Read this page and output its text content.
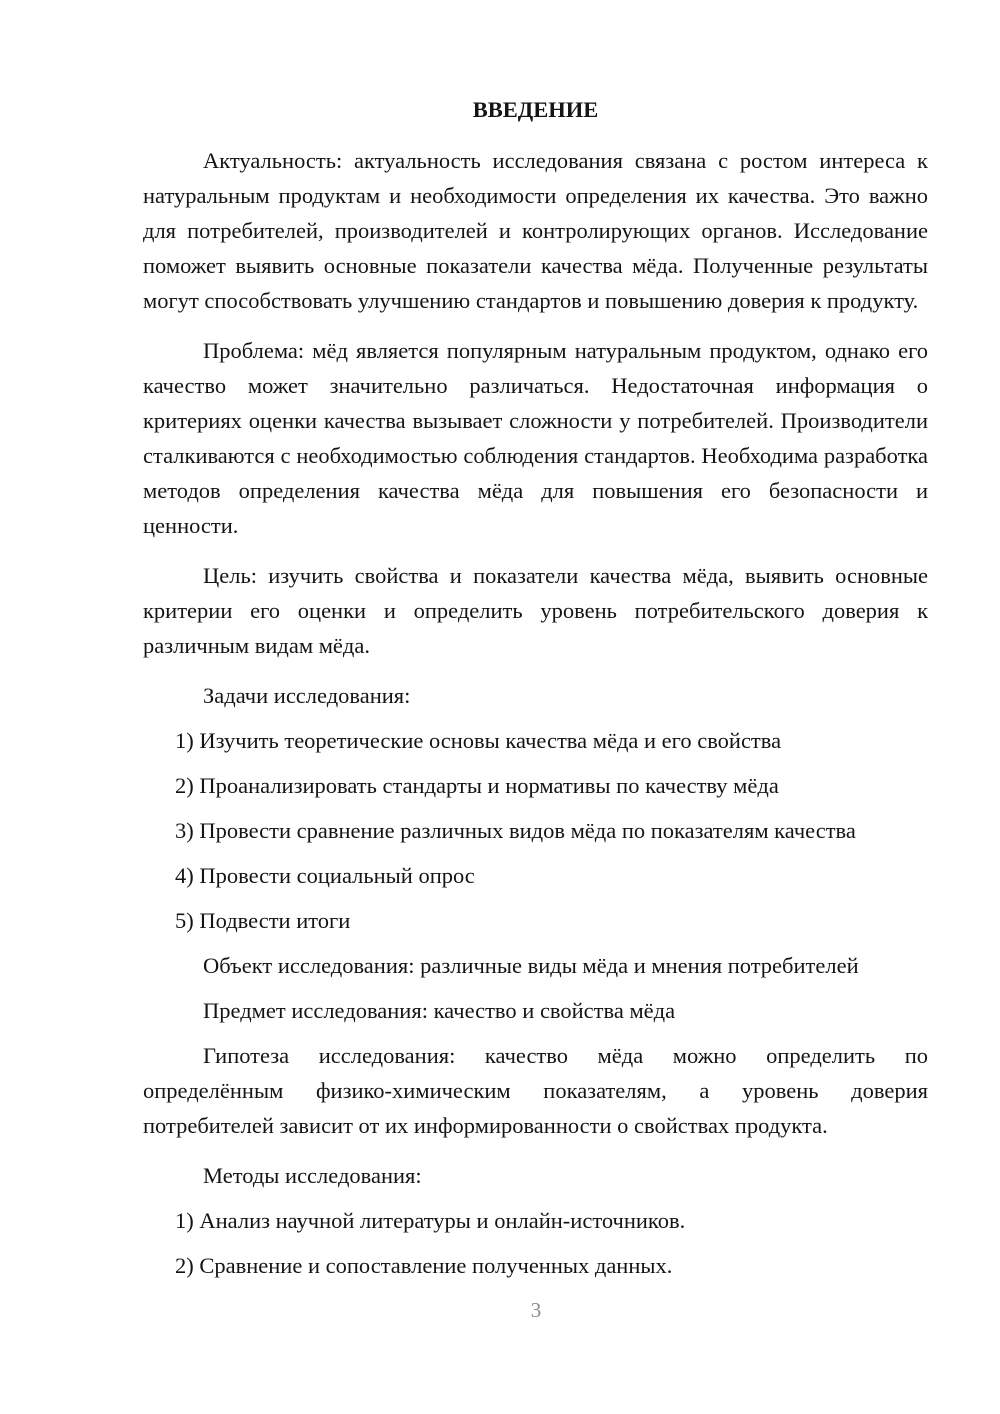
ВВЕДЕНИЕ

Актуальность: актуальность исследования связана с ростом интереса к натуральным продуктам и необходимости определения их качества. Это важно для потребителей, производителей и контролирующих органов. Исследование поможет выявить основные показатели качества мёда. Полученные результаты могут способствовать улучшению стандартов и повышению доверия к продукту.

Проблема: мёд является популярным натуральным продуктом, однако его качество может значительно различаться. Недостаточная информация о критериях оценки качества вызывает сложности у потребителей. Производители сталкиваются с необходимостью соблюдения стандартов. Необходима разработка методов определения качества мёда для повышения его безопасности и ценности.

Цель: изучить свойства и показатели качества мёда, выявить основные критерии его оценки и определить уровень потребительского доверия к различным видам мёда.

Задачи исследования:
1) Изучить теоретические основы качества мёда и его свойства
2) Проанализировать стандарты и нормативы по качеству мёда
3) Провести сравнение различных видов мёда по показателям качества
4) Провести социальный опрос
5) Подвести итоги
Объект исследования: различные виды мёда и мнения потребителей
Предмет исследования: качество и свойства мёда

Гипотеза исследования: качество мёда можно определить по определённым физико-химическим показателям, а уровень доверия потребителей зависит от их информированности о свойствах продукта.

Методы исследования:
1) Анализ научной литературы и онлайн-источников.
2) Сравнение и сопоставление полученных данных.
3
